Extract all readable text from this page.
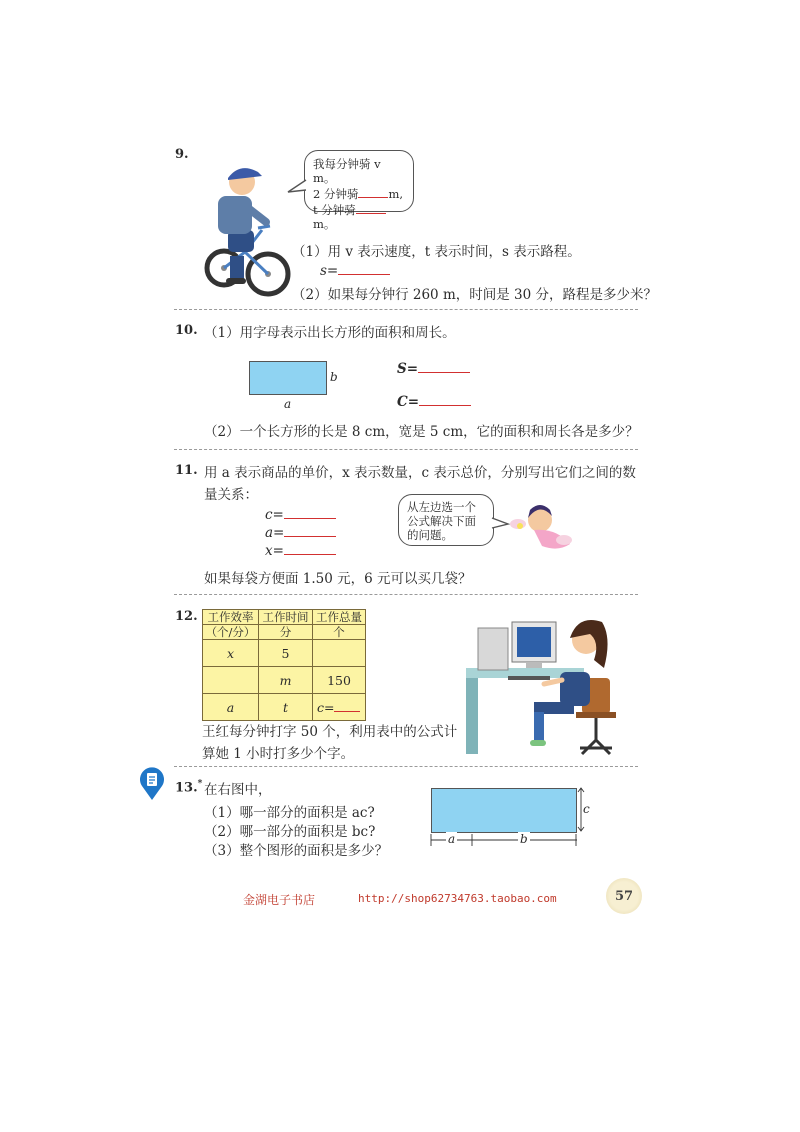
9.
我每分钟骑 v m。
2 分钟骑	m,
t 分钟骑m。
（1）用 v 表示速度，t 表示时间，s 表示路程。
s=
（2）如果每分钟行 260 m，时间是 30 分，路程是多少米？
10. （1）用字母表示出长方形的面积和周长。
b
a
S=
C=
（2）一个长方形的长是 8 cm，宽是 5 cm，它的面积和周长各是多少？
11. 用 a 表示商品的单价，x 表示数量，c 表示总价，分别写出它们之间的数
量关系：
c=
a=
x=
从左边选一个
公式解决下面
的问题。
如果每袋方便面 1.50 元，6 元可以买几袋？
12. 工作效率	工作时间	工作总量
（个/分）	分	个
x	5	
	m	150
a	t	c=
王红每分钟打字 50 个，利用表中的公式计
算她 1 小时打多少个字。
13.* 在右图中，
（1）哪一部分的面积是 ac?
（2）哪一部分的面积是 bc?
（3）整个图形的面积是多少？
c
a	b
金湖电子书店	http://shop62734763.taobao.com	57
